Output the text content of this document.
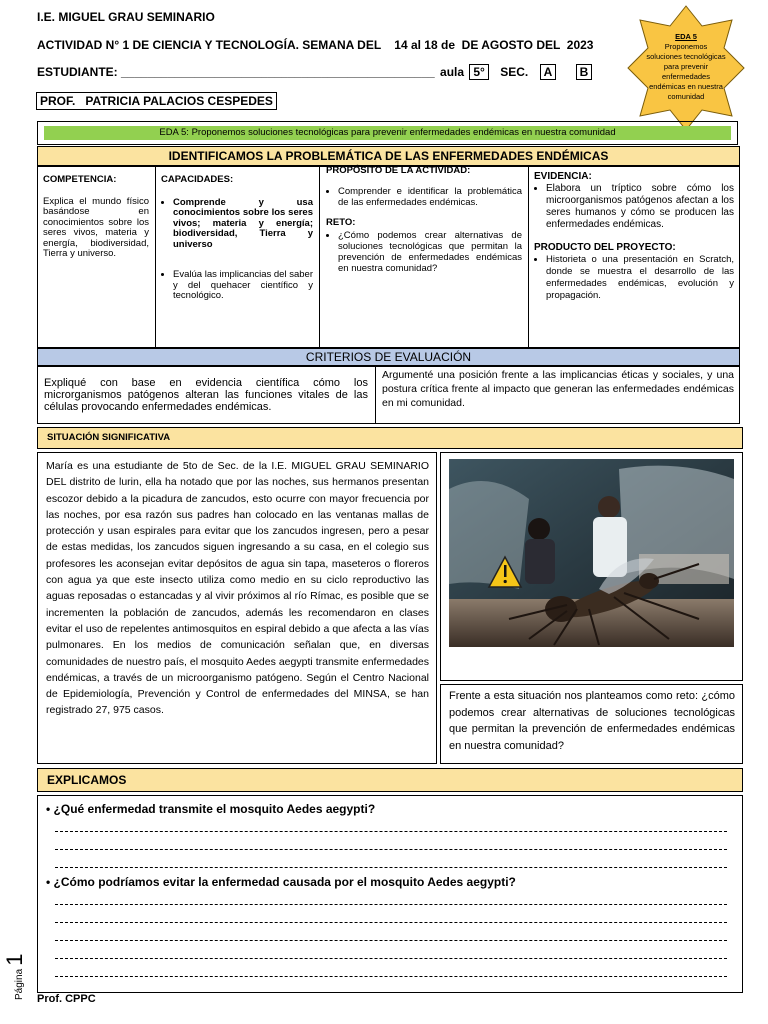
I.E. MIGUEL GRAU SEMINARIO
ACTIVIDAD N° 1 DE CIENCIA Y TECNOLOGÍA. SEMANA DEL    14 al 18 de  DE AGOSTO DEL  2023
ESTUDIANTE: _______________________________________________ aula 5° SEC. A B
PROF.   PATRICIA PALACIOS CESPEDES
EDA 5
Proponemos soluciones tecnológicas para prevenir enfermedades endémicas en nuestra comunidad
EDA 5: Proponemos soluciones tecnológicas para prevenir enfermedades endémicas en nuestra comunidad
IDENTIFICAMOS LA PROBLEMÁTICA DE LAS ENFERMEDADES ENDÉMICAS
COMPETENCIA:
Explica el mundo físico basándose en conocimientos sobre los seres vivos, materia y energía, biodiversidad, Tierra y universo.
CAPACIDADES:
• Comprende y usa conocimientos sobre los seres vivos; materia y energía; biodiversidad, Tierra y universo
• Evalúa las implicancias del saber y del quehacer científico y tecnológico.
PROPÓSITO DE LA ACTIVIDAD:
• Comprender e identificar la problemática de las enfermedades endémicas.
RETO:
• ¿Cómo podemos crear alternativas de soluciones tecnológicas que permitan la prevención de enfermedades endémicas en nuestra comunidad?
EVIDENCIA:
• Elabora un tríptico sobre cómo los microorganismos patógenos afectan a los seres humanos y cómo se producen las enfermedades endémicas.
PRODUCTO DEL PROYECTO:
• Historieta o una presentación en Scratch, donde se muestra el desarrollo de las enfermedades endémicas, evolución y propagación.
CRITERIOS DE EVALUACIÓN
Expliqué con base en evidencia científica cómo los microrganismos patógenos alteran las funciones vitales de las células provocando enfermedades endémicas.
Argumenté una posición frente a las implicancias éticas y sociales, y una postura crítica frente al impacto que generan las enfermedades endémicas en mi comunidad.
SITUACIÓN SIGNIFICATIVA
María es una estudiante de 5to de Sec. de la I.E. MIGUEL GRAU SEMINARIO DEL distrito de lurin, ella ha notado que por las noches, sus hermanos presentan escozor debido a la picadura de zancudos, esto ocurre con mayor frecuencia por las noches, por esa razón sus padres han colocado en las ventanas mallas de protección y usan espirales para evitar que los zancudos ingresen, pero a pesar de estas medidas, los zancudos siguen ingresando a su casa, en el colegio sus profesores les aconsejan evitar depósitos de agua sin tapa, maseteros o floreros con agua ya que este insecto utiliza como medio en su ciclo reproductivo las aguas reposadas o estancadas y al vivir próximos al río Rímac, es posible que se incrementen la población de zancudos, además les recomendaron en clases evitar el uso de repelentes antimosquitos en espiral debido a que afecta a las vías pulmonares. En los medios de comunicación señalan que, en diversas comunidades de nuestro país, el mosquito Aedes aegypti transmite enfermedades endémicas, a través de un microorganismo patógeno. Según el Centro Nacional de Epidemiología, Prevención y Control de enfermedades del MINSA, se han registrado 27, 975 casos.
Frente a esta situación nos planteamos como reto: ¿cómo podemos crear alternativas de soluciones tecnológicas que permitan la prevención de enfermedades endémicas en nuestra comunidad?
EXPLICAMOS
• ¿Qué enfermedad transmite el mosquito Aedes aegypti?
• ¿Cómo podríamos evitar la enfermedad causada por el mosquito Aedes aegypti?
Página 1
Prof. CPPC
